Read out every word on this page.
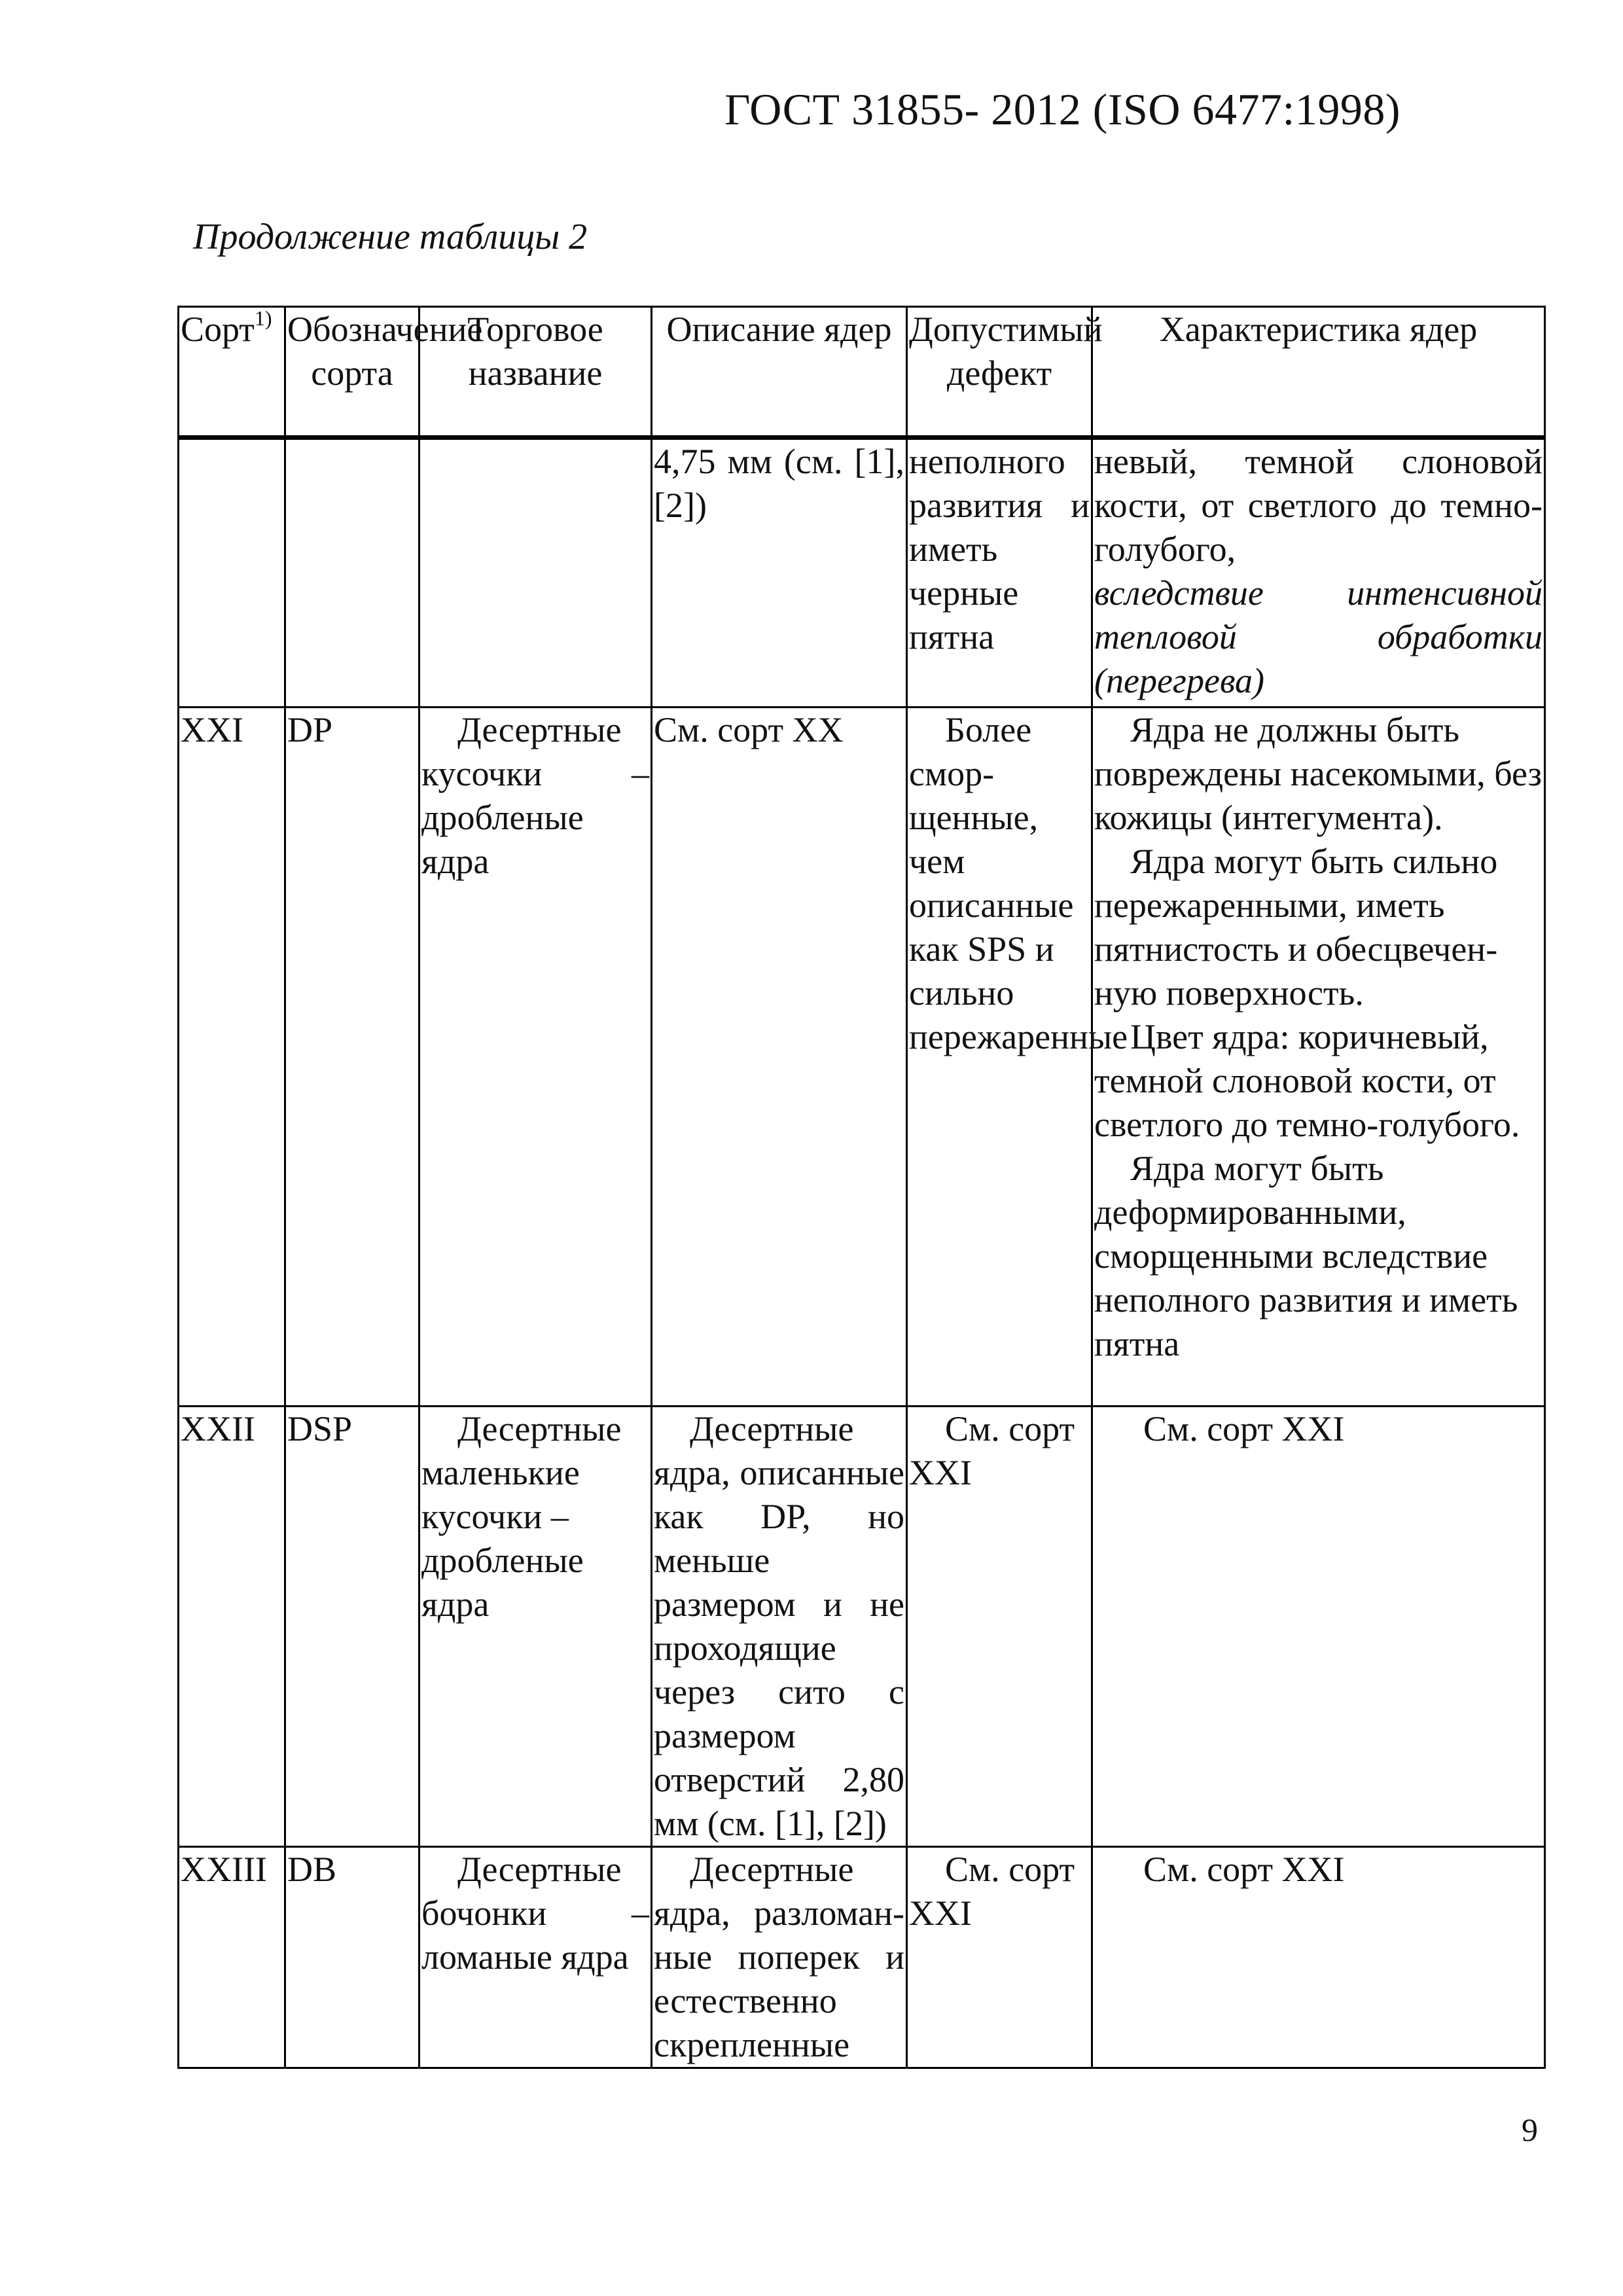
ГОСТ 31855- 2012 (ISO 6477:1998)
Продолжение таблицы 2
Сорт$^{1)}$	Обозначение сорта	Торговое название	Описание ядер	Допустимый дефект	Характеристика ядер
			4,75 мм (см. [1], [2])	неполного развития и иметь черные пятна	невый, темной слоновой кости, от светлого до темно-голубого,

вследствие интенсивной тепловой обработки (перегрева)

XXI	DP	Десертные кусочки – дробленые ядра	См. сорт XX	Более смор-щенные, чем описанные как SPS и сильно пережаренные	Ядра не должны быть повреждены насекомыми, без кожицы (интегумента).

Ядра могут быть сильно пережаренными, иметь пятнистость и обесцвечен-ную поверхность.

Цвет ядра: коричневый, темной слоновой кости, от светлого до темно-голубого.

Ядра могут быть деформированными, сморщенными вследствие неполного развития и иметь пятна

XXII	DSP	Десертные маленькие кусочки – дробленые ядра	Десертные ядра, описанные как DP, но меньше размером и не проходящие через сито с размером отверстий 2,80 мм (см. [1], [2])	См. сорт XXI	См. сорт XXI
XXIII	DB	Десертные бочонки – ломаные ядра	Десертные ядра, разломан-ные поперек и естественно скрепленные	См. сорт XXI	См. сорт XXI
9
